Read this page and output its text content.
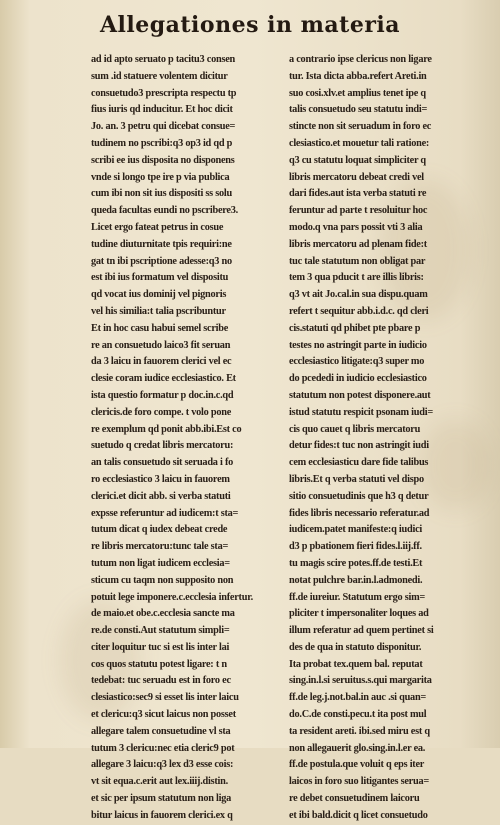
Allegationes in materia
ad id apto seruato p tacitu3 consen
sum .id statuere volentem dicitur
consuetudo3 prescripta respectu tp
fius iuris qd inducitur. Et hoc dicit
Jo. an. 3 petru qui dicebat consue=
tudinem no pscribi:q3 op3 id qd p
scribi ee ius disposita no disponens
vnde si longo tpe ire p via publica
cum ibi non sit ius dispositi ss solu
queda facultas eundi no pscribere3.
Licet ergo fateat petrus in cosue
tudine diuturnitate tpis requiri:ne
gat tn ibi pscriptione adesse:q3 no
est ibi ius formatum vel dispositu
qd vocat ius dominij vel pignoris
vel his similia:t talia pscribuntur
Et in hoc casu habui semel scribe
re an consuetudo laico3 fit seruan
da 3 laicu in fauorem clerici vel ec
clesie coram iudice ecclesiastico. Et
ista questio formatur p doc.in.c.qd
clericis.de foro compe. t volo pone
re exemplum qd ponit abb.ibi.Est co
suetudo q credat libris mercatoru:
an talis consuetudo sit seruada i fo
ro ecclesiastico 3 laicu in fauorem
clerici.et dicit abb. si verba statuti
expsse referuntur ad iudicem:t sta=
tutum dicat q iudex debeat crede
re libris mercatoru:tunc tale sta=
tutum non ligat iudicem ecclesia=
sticum cu taqm non supposito non
potuit lege imponere.c.ecclesia infertur.
de maio.et obe.c.ecclesia sancte ma
re.de consti.Aut statutum simpli=
citer loquitur tuc si est lis inter lai
cos quos statutu potest ligare: t n
tedebat: tuc seruadu est in foro ec
clesiastico:sec9 si esset lis inter laicu
et clericu:q3 sicut laicus non posset
allegare talem consuetudine vl sta
tutum 3 clericu:nec etia cleric9 pot
allegare 3 laicu:q3 lex d3 esse cois:
vt sit equa.c.erit aut lex.iiij.distin.
et sic per ipsum statutum non liga
bitur laicus in fauorem clerici.ex q
a contrario ipse clericus non ligare
tur. Ista dicta abba.refert Areti.in
suo cosi.xlv.et amplius tenet ipe q
talis consuetudo seu statutu indi=
stincte non sit seruadum in foro ec
clesiastico.et mouetur tali ratione:
q3 cu statutu loquat simpliciter q
libris mercatoru debeat credi vel
dari fides.aut ista verba statuti re
feruntur ad parte t resoluitur hoc
modo.q vna pars possit vti 3 alia
libris mercatoru ad plenam fide:t
tuc tale statutum non obligat par
tem 3 qua pducit t are illis libris:
q3 vt ait Jo.cal.in sua dispu.quam
refert t sequitur abb.i.d.c. qd cleri
cis.statuti qd phibet pte pbare p
testes no astringit parte in iudicio
ecclesiastico litigate:q3 super mo
do pcededi in iudicio ecclesiastico
statutum non potest disponere.aut
istud statutu respicit psonam iudi=
cis quo cauet q libris mercatoru
detur fides:t tuc non astringit iudi
cem ecclesiasticu dare fide talibus
libris.Et q verba statuti vel dispo
sitio consuetudinis que h3 q detur
fides libris necessario referatur.ad
iudicem.patet manifeste:q iudici
d3 p pbationem fieri fides.l.iij.ff.
tu magis scire potes.ff.de testi.Et
notat pulchre bar.in.l.admonedi.
ff.de iureiur. Statutum ergo sim=
pliciter t impersonaliter loques ad
illum referatur ad quem pertinet si
des de qua in statuto disponitur.
Ita probat tex.quem bal. reputat
sing.in.l.si seruitus.s.qui margarita
ff.de leg.j.not.bal.in auc .si quan=
do.C.de consti.pecu.t ita post mul
ta resident areti. ibi.sed miru est q
non allegauerit glo.sing.in.l.er ea.
ff.de postula.que voluit q eps iter
laicos in foro suo litigantes serua=
re debet consuetudinem laicoru
et ibi bald.dicit q licet consuetudo
